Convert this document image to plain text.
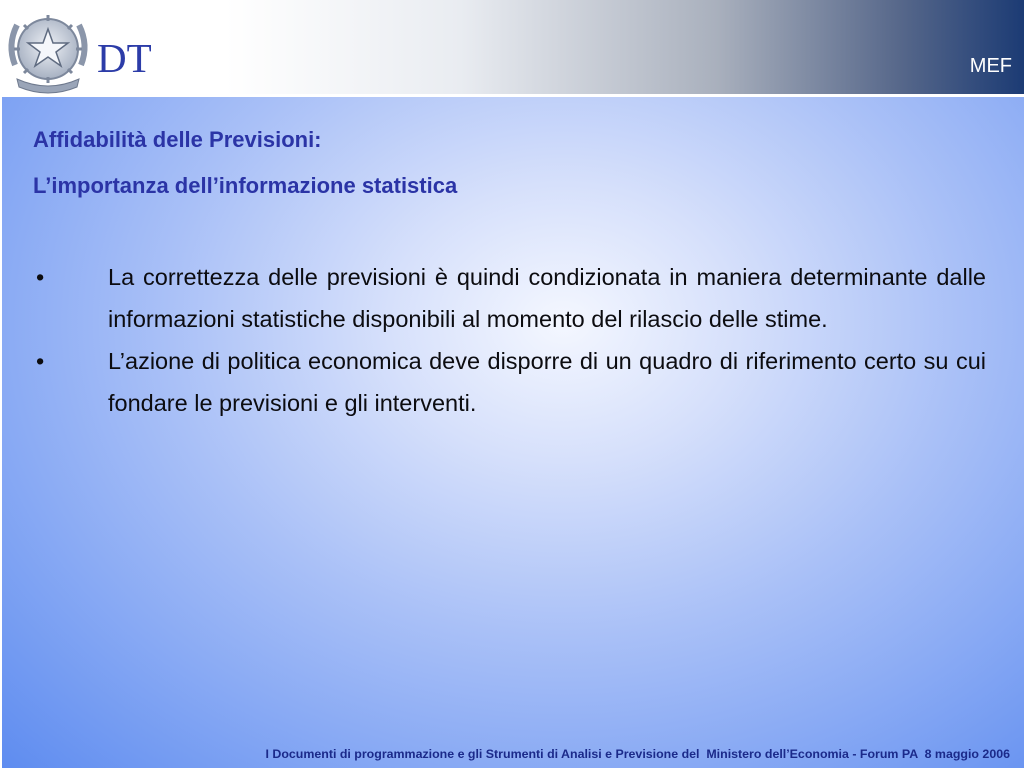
DT	MEF
Affidabilità delle Previsioni:
L’importanza dell’informazione statistica
•	La correttezza delle previsioni è quindi condizionata in maniera determinante dalle informazioni statistiche disponibili al momento del rilascio delle stime.
•	L’azione di politica economica deve disporre di un quadro di riferimento certo su cui fondare le previsioni e gli interventi.
I Documenti di programmazione e gli Strumenti di Analisi e Previsione del  Ministero dell’Economia - Forum PA  8 maggio 2006
